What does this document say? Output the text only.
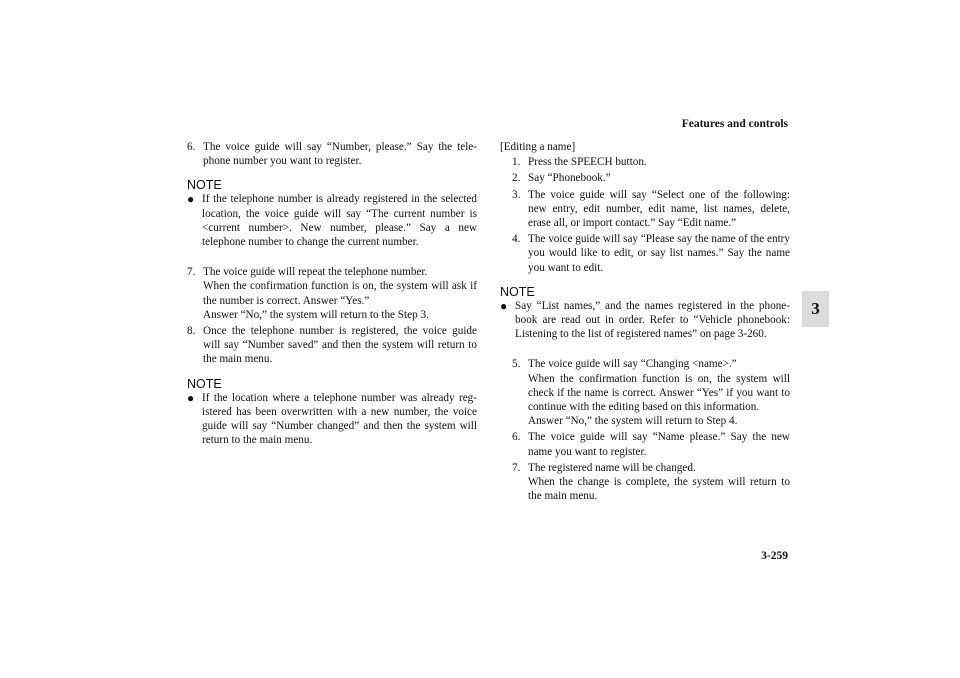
Features and controls
3
3-259
6. The voice guide will say “Number, please.” Say the tele-phone number you want to register.
NOTE
● If the telephone number is already registered in the selected location, the voice guide will say “The current number is <current number>. New number, please.” Say a new telephone number to change the current number.
7. The voice guide will repeat the telephone number.
When the confirmation function is on, the system will ask if the number is correct. Answer “Yes.”
Answer “No,” the system will return to the Step 3.
8. Once the telephone number is registered, the voice guide will say “Number saved” and then the system will return to the main menu.
NOTE
● If the location where a telephone number was already reg-istered has been overwritten with a new number, the voice guide will say “Number changed” and then the system will return to the main menu.
[Editing a name]
1. Press the SPEECH button.
2. Say “Phonebook.”
3. The voice guide will say “Select one of the following: new entry, edit number, edit name, list names, delete, erase all, or import contact.” Say “Edit name.”
4. The voice guide will say “Please say the name of the entry you would like to edit, or say list names.” Say the name you want to edit.
NOTE
● Say “List names,” and the names registered in the phone-book are read out in order. Refer to “Vehicle phonebook: Listening to the list of registered names” on page 3-260.
5. The voice guide will say “Changing <name>.”
When the confirmation function is on, the system will check if the name is correct. Answer “Yes” if you want to continue with the editing based on this information.
Answer “No,” the system will return to Step 4.
6. The voice guide will say “Name please.” Say the new name you want to register.
7. The registered name will be changed.
When the change is complete, the system will return to the main menu.
